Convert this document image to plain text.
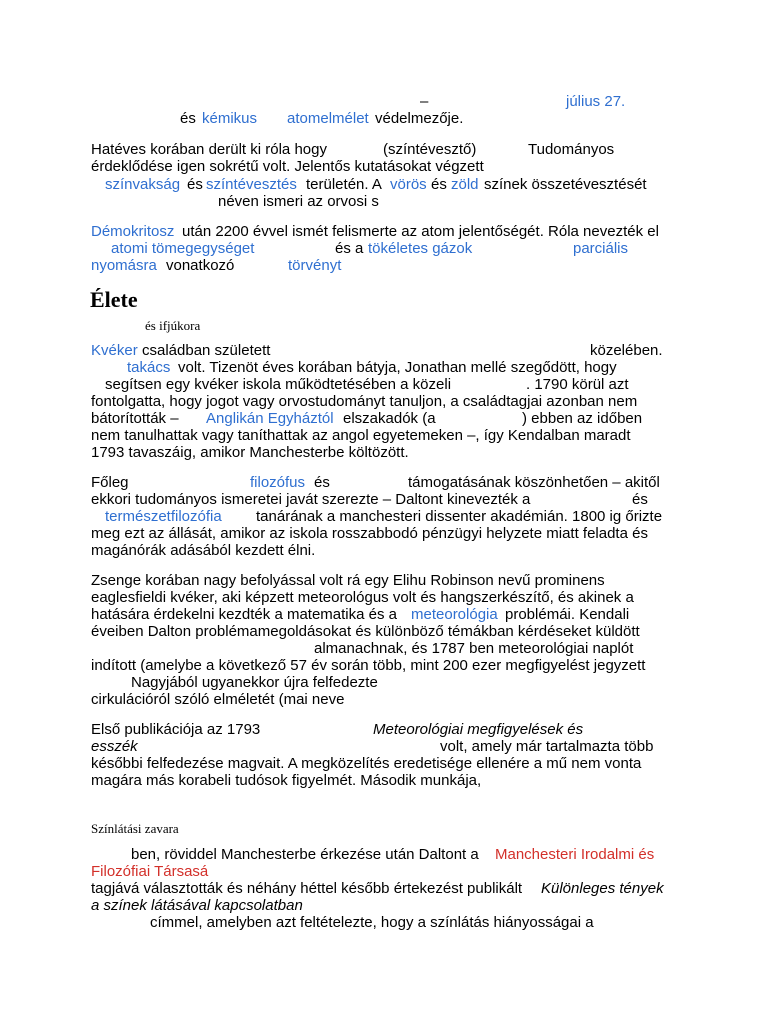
–	július 27.
és kémikus atomelmélet védelmezője.
Hatéves korában derült ki róla hogy	(színtévesztő)	Tudományos
érdeklődése igen sokrétű volt. Jelentős kutatásokat végzett
színvakság és színtévesztés területén. A vörös és zöld színek összetévesztését
néven ismeri az orvosi s
Démokritosz után 2200 évvel ismét felismerte az atom jelentőségét. Róla nevezték el
atomi tömegegységet	és a tökéletes gázok	parciális
nyomásra vonatkozó	törvényt
Élete
és ifjúkora
Kvéker családban született	közelében.
takács volt. Tizenöt éves korában bátyja, Jonathan mellé szegődött, hogy
segítsen egy kvéker iskola működtetésében a közeli	. 1790 körül azt
fontolgatta, hogy jogot vagy orvostudományt tanuljon, a családtagjai azonban nem
bátorították – Anglikán Egyháztól elszakadók (a	) ebben az időben
nem tanulhattak vagy taníthattak az angol egyetemeken –, így Kendalban maradt
1793 tavaszáig, amikor Manchesterbe költözött.
Főleg	filozófus és	támogatásának köszönhetően – akitől
ekkori tudományos ismeretei javát szerezte – Daltont kinevezték a	és
természetfilozófia tanárának a manchesteri dissenter akadémián. 1800 ig őrizte
meg ezt az állását, amikor az iskola rosszabbodó pénzügyi helyzete miatt feladta és
magánórák adásából kezdett élni.
Zsenge korában nagy befolyással volt rá egy Elihu Robinson nevű prominens
eaglesfieldi kvéker, aki képzett meteorológus volt és hangszerkészítő, és akinek a
hatására érdekelni kezdték a matematika és a meteorológia problémái. Kendali
éveiben Dalton problémamegoldásokat és különböző témákban kérdéseket küldött
almanachnak, és 1787 ben meteorológiai naplót
indított (amelybe a következő 57 év során több, mint 200 ezer megfigyelést jegyzett
Nagyjából ugyanekkor újra felfedezte
cirkulációról szóló elméletét (mai neve
Első publikációja az 1793	Meteorológiai megfigyelések és
esszék	volt, amely már tartalmazta több
későbbi felfedezése magvait. A megközelítés eredetisége ellenére a mű nem vonta
magára más korabeli tudósok figyelmét. Második munkája,
Színlátási zavara
ben, röviddel Manchesterbe érkezése után Daltont a Manchesteri Irodalmi és
Filozófiai Társasá
tagjává választották és néhány héttel később értekezést publikált Különleges tények
a színek látásával kapcsolatban
címmel, amelyben azt feltételezte, hogy a színlátás hiányosságai a
